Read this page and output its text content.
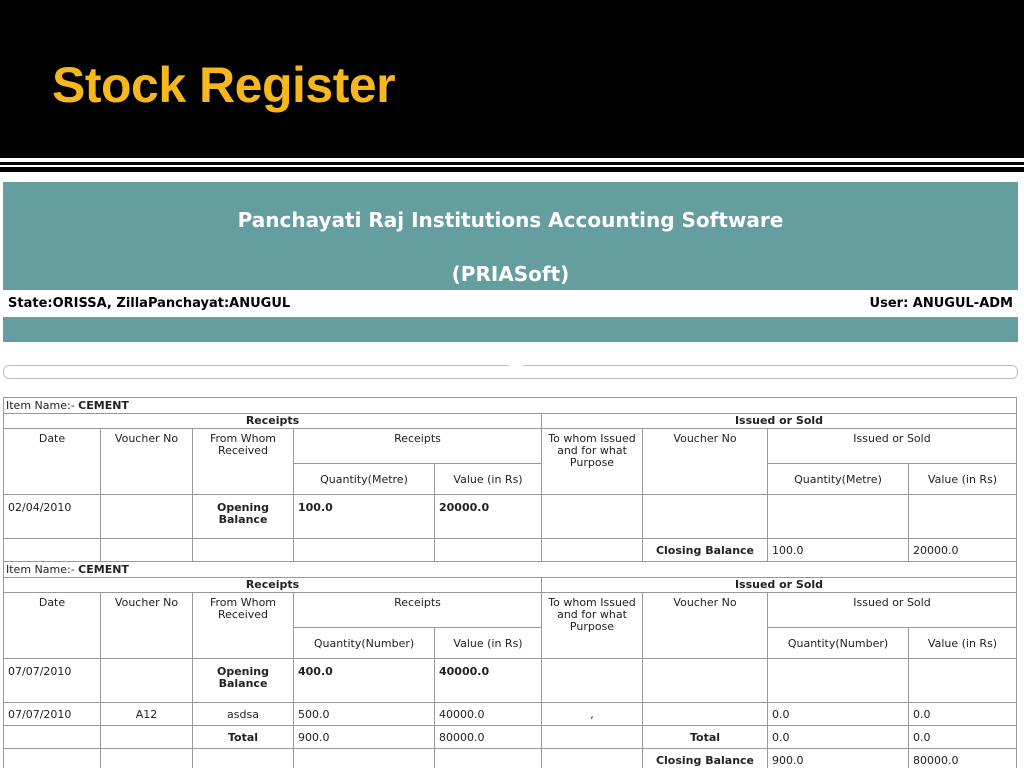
Stock Register
Panchayati Raj Institutions Accounting Software
(PRIASoft)
State:ORISSA, ZillaPanchayat:ANUGUL	User: ANUGUL-ADM
Item Name:- CEMENT								
Receipts					Issued or Sold			
Date	Voucher No	From Whom Received	Receipts		To whom Issued and for what Purpose	Voucher No	Issued or Sold	
			Quantity(Metre)	Value (in Rs)			Quantity(Metre)	Value (in Rs)
02/04/2010		Opening Balance	100.0	20000.0				
						Closing Balance	100.0	20000.0
Item Name:- CEMENT								
Receipts					Issued or Sold			
Date	Voucher No	From Whom Received	Receipts		To whom Issued and for what Purpose	Voucher No	Issued or Sold	
			Quantity(Number)	Value (in Rs)			Quantity(Number)	Value (in Rs)
07/07/2010		Opening Balance	400.0	40000.0				
07/07/2010	A12	asdsa	500.0	40000.0	,		0.0	0.0
		Total	900.0	80000.0		Total	0.0	0.0
						Closing Balance	900.0	80000.0
